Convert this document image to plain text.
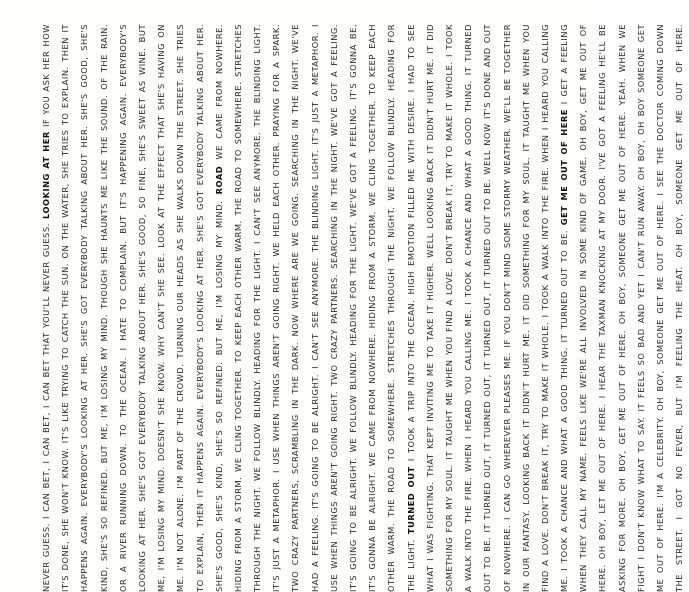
NEVER GUESS. I CAN BET, I CAN BET, I CAN BET THAT YOU'LL NEVER GUESS. LOOKING AT HER IF YOU ASK HER HOW	IT'S DONE, SHE WON'T KNOW. IT'S LIKE TRYING TO CATCH THE SUN. ON THE WATER, SHE TRIES TO EXPLAIN. THEN IT	HAPPENS AGAIN. EVERYBODY'S LOOKING AT HER. SHE'S GOT EVERYBODY TALKING ABOUT HER. SHE'S GOOD, SHE'S	KIND, SHE'S SO REFINED. BUT ME, I'M LOSING MY MIND. THOUGH SHE HAUNTS ME LIKE THE SOUND. OF THE RAIN.	OR A RIVER RUNNING DOWN. TO THE OCEAN. I HATE TO COMPLAIN. BUT IT'S HAPPENING AGAIN. EVERYBODY'S	LOOKING AT HER. SHE'S GOT EVERYBODY TALKING ABOUT HER. SHE'S GOOD, SO FINE, SHE'S SWEET AS WINE. BUT	ME, I'M LOSING MY MIND. DOESN'T SHE KNOW. WHY CAN'T SHE SEE. LOOK AT THE EFFECT THAT SHE'S HAVING ON	ME. I'M NOT ALONE. I'M PART OF THE CROWD. TURNING OUR HEADS AS SHE WALKS DOWN THE STREET. SHE TRIES	TO EXPLAIN, THEN IT HAPPENS AGAIN. EVERYBODY'S LOOKING AT HER. SHE'S GOT EVERYBODY TALKING ABOUT HER.	SHE'S GOOD, SHE'S KIND, SHE'S SO REFINED. BUT ME, I'M LOSING MY MIND. ROAD WE CAME FROM NOWHERE.	HIDING FROM A STORM. WE CLING TOGETHER. TO KEEP EACH OTHER WARM. THE ROAD TO SOMEWHERE. STRETCHES	THROUGH THE NIGHT. WE FOLLOW BLINDLY. HEADING FOR THE LIGHT. I CAN'T SEE ANYMORE. THE BLINDING LIGHT.	IT'S JUST A METAPHOR. I USE WHEN THINGS AREN'T GOING RIGHT. WE HELD EACH OTHER. PRAYING FOR A SPARK.	TWO CRAZY PARTNERS, SCRAMBLING IN THE DARK. NOW WHERE ARE WE GOING. SEARCHING IN THE NIGHT. WE'VE	HAD A FEELING. IT'S GOING TO BE ALRIGHT. I CAN'T SEE ANYMORE. THE BLINDING LIGHT. IT'S JUST A METAPHOR. I	USE WHEN THINGS AREN'T GOING RIGHT. TWO CRAZY PARTNERS. SEARCHING IN THE NIGHT. WE'VE GOT A FEELING.	IT'S GOING TO BE ALRIGHT. WE FOLLOW BLINDLY. HEADING FOR THE LIGHT. WE'VE GOT A FEELING. IT'S GONNA BE,	IT'S GONNA BE ALRIGHT. WE CAME FROM NOWHERE. HIDING FROM A STORM. WE CLING TOGETHER. TO KEEP EACH	OTHER WARM. THE ROAD TO SOMEWHERE. STRETCHES THROUGH THE NIGHT. WE FOLLOW BLINDLY. HEADING FOR	THE LIGHT. TURNED OUT I TOOK A TRIP INTO THE OCEAN. HIGH EMOTION FILLED ME WITH DESIRE. I HAD TO SEE	WHAT I WAS FIGHTING. THAT KEPT INVITING ME TO TAKE IT HIGHER. WELL LOOKING BACK IT DIDN'T HURT ME. IT DID	SOMETHING FOR MY SOUL. IT TAUGHT ME WHEN YOU FIND A LOVE. DON'T BREAK IT, TRY TO MAKE IT WHOLE. I TOOK	A WALK INTO THE FIRE. WHEN I HEARD YOU CALLING ME. I TOOK A CHANCE AND WHAT A GOOD THING. IT TURNED	OUT TO BE. IT TURNED OUT, IT TURNED OUT, IT TURNED OUT, IT TURNED OUT TO BE. WELL NOW IT'S DONE AND OUT	OF NOWHERE. I CAN GO WHEREVER PLEASES ME. IF YOU DON'T MIND SOME STORMY WEATHER. WE'LL BE TOGETHER	IN OUR FANTASY. LOOKING BACK IT DIDN'T HURT ME. IT DID SOMETHING FOR MY SOUL. IT TAUGHT ME WHEN YOU	FIND A LOVE. DON'T BREAK IT, TRY TO MAKE IT WHOLE. I TOOK A WALK INTO THE FIRE. WHEN I HEARD YOU CALLING	ME. I TOOK A CHANCE AND WHAT A GOOD THING. IT TURNED OUT TO BE. GET ME OUT OF HERE I GET A FEELING	WHEN THEY CALL MY NAME. FEELS LIKE WE'RE ALL INVOLVED IN SOME KIND OF GAME. OH BOY, GET ME OUT OF	HERE. OH BOY, LET ME OUT OF HERE. I HEAR THE TAXMAN KNOCKING AT MY DOOR. I'VE GOT A FEELING HE'LL BE	ASKING FOR MORE. OH BOY, GET ME OUT OF HERE. OH BOY, SOMEONE GET ME OUT OF HERE. YEAH. WHEN WE	FIGHT I DON'T KNOW WHAT TO SAY. IT FEELS SO BAD AND YET I CAN'T RUN AWAY. OH BOY, OH BOY SOMEONE GET	ME OUT OF HERE. I'M A CELEBRITY. OH BOY, SOMEONE GET ME OUT OF HERE. I SEE THE DOCTOR COMING DOWN	THE STREET. I GOT NO FEVER, BUT I'M FEELING THE HEAT. OH BOY, SOMEONE GET ME OUT OF HERE.
